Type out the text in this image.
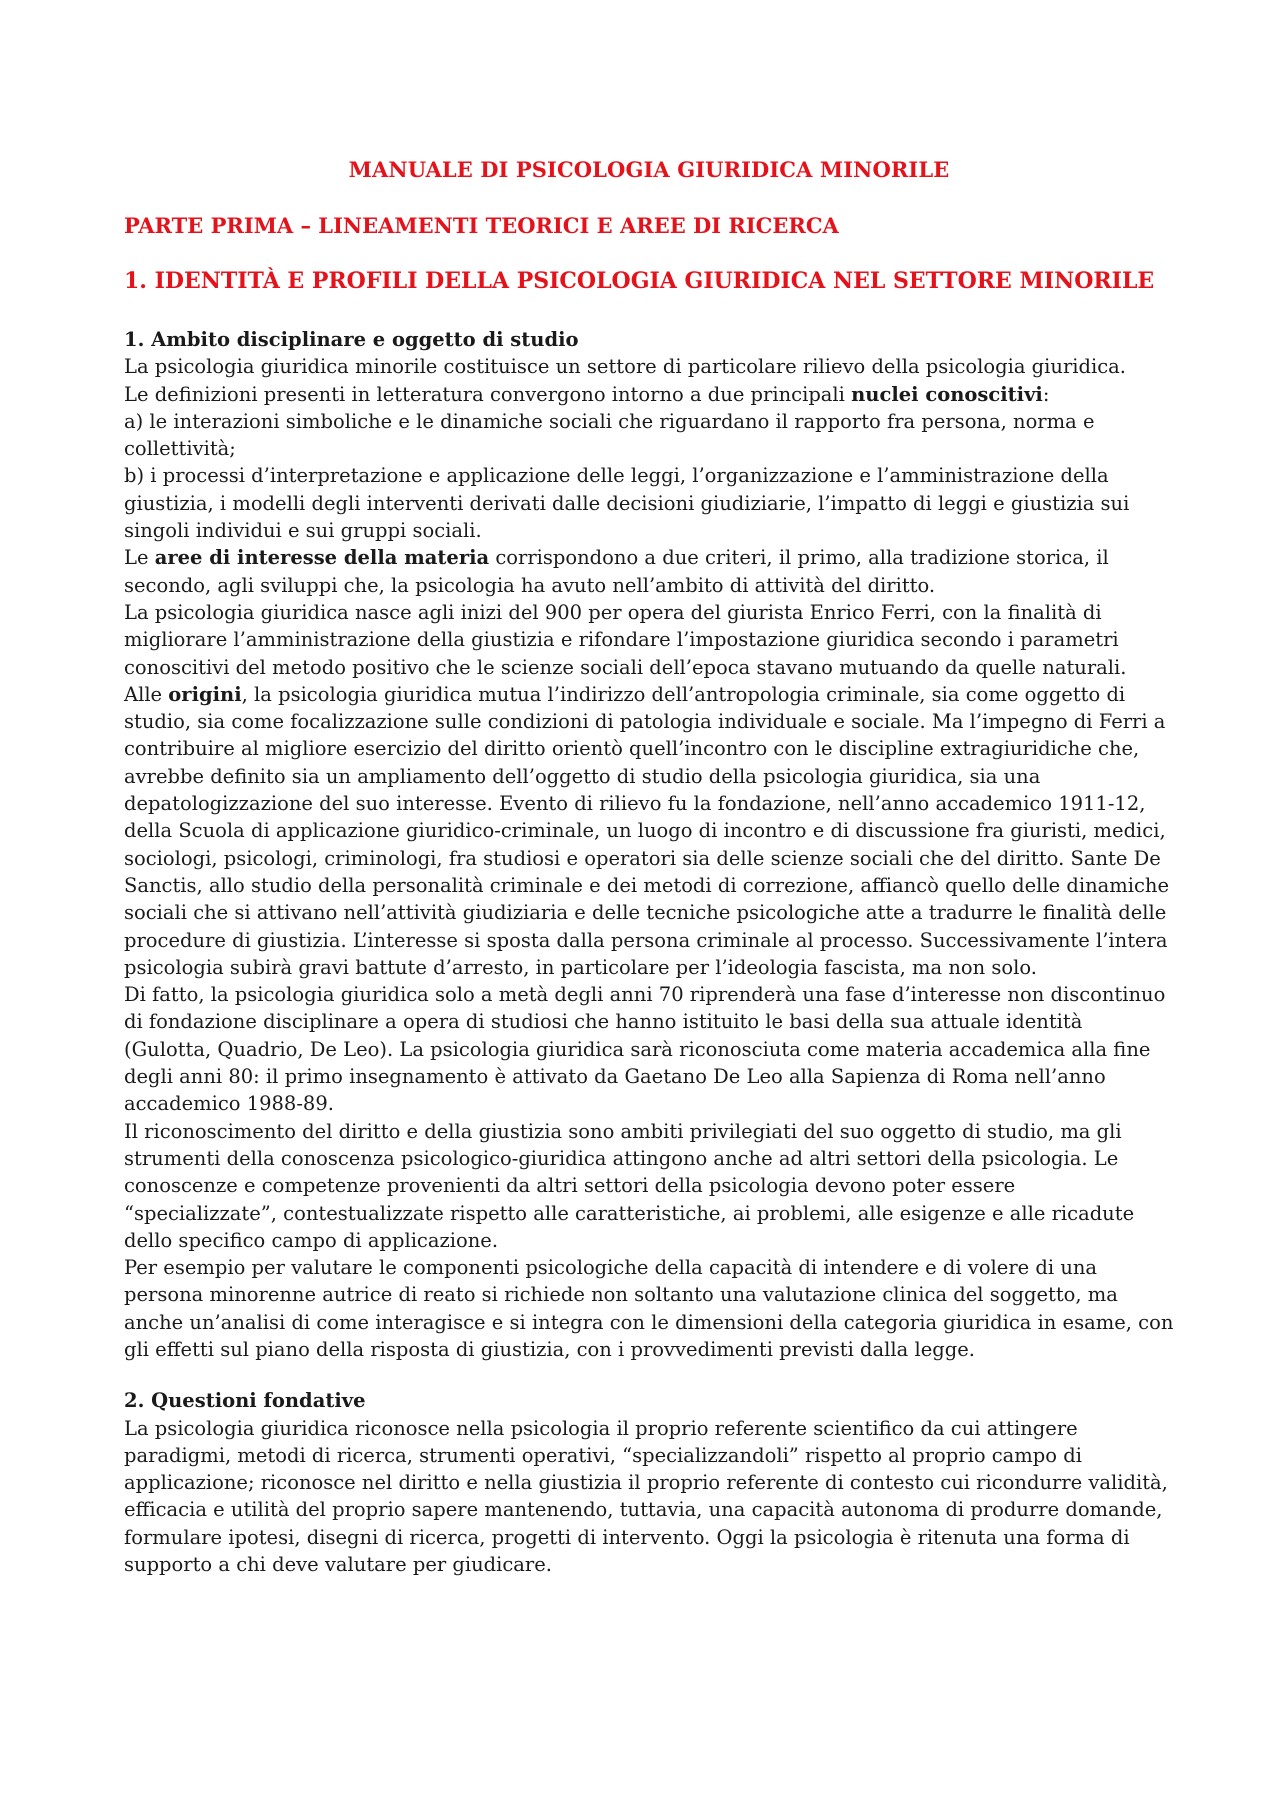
MANUALE DI PSICOLOGIA GIURIDICA MINORILE
PARTE PRIMA – LINEAMENTI TEORICI E AREE DI RICERCA
1. IDENTITÀ E PROFILI DELLA PSICOLOGIA GIURIDICA NEL SETTORE MINORILE
1. Ambito disciplinare e oggetto di studio

La psicologia giuridica minorile costituisce un settore di particolare rilievo della psicologia giuridica.

Le definizioni presenti in letteratura convergono intorno a due principali nuclei conoscitivi:

a) le interazioni simboliche e le dinamiche sociali che riguardano il rapporto fra persona, norma e collettività;

b) i processi d’interpretazione e applicazione delle leggi, l’organizzazione e l’amministrazione della giustizia, i modelli degli interventi derivati dalle decisioni giudiziarie, l’impatto di leggi e giustizia sui singoli individui e sui gruppi sociali.

Le aree di interesse della materia corrispondono a due criteri, il primo, alla tradizione storica, il secondo, agli sviluppi che, la psicologia ha avuto nell’ambito di attività del diritto.

La psicologia giuridica nasce agli inizi del 900 per opera del giurista Enrico Ferri, con la finalità di migliorare l’amministrazione della giustizia e rifondare l’impostazione giuridica secondo i parametri conoscitivi del metodo positivo che le scienze sociali dell’epoca stavano mutuando da quelle naturali.

Alle origini, la psicologia giuridica mutua l’indirizzo dell’antropologia criminale, sia come oggetto di studio, sia come focalizzazione sulle condizioni di patologia individuale e sociale. Ma l’impegno di Ferri a contribuire al migliore esercizio del diritto orientò quell’incontro con le discipline extragiuridiche che, avrebbe definito sia un ampliamento dell’oggetto di studio della psicologia giuridica, sia una depatologizzazione del suo interesse. Evento di rilievo fu la fondazione, nell’anno accademico 1911-12, della Scuola di applicazione giuridico-criminale, un luogo di incontro e di discussione fra giuristi, medici, sociologi, psicologi, criminologi, fra studiosi e operatori sia delle scienze sociali che del diritto. Sante De Sanctis, allo studio della personalità criminale e dei metodi di correzione, affiancò quello delle dinamiche sociali che si attivano nell’attività giudiziaria e delle tecniche psicologiche atte a tradurre le finalità delle procedure di giustizia. L’interesse si sposta dalla persona criminale al processo. Successivamente l’intera psicologia subirà gravi battute d’arresto, in particolare per l’ideologia fascista, ma non solo.

Di fatto, la psicologia giuridica solo a metà degli anni 70 riprenderà una fase d’interesse non discontinuo di fondazione disciplinare a opera di studiosi che hanno istituito le basi della sua attuale identità (Gulotta, Quadrio, De Leo). La psicologia giuridica sarà riconosciuta come materia accademica alla fine degli anni 80: il primo insegnamento è attivato da Gaetano De Leo alla Sapienza di Roma nell’anno accademico 1988-89.

Il riconoscimento del diritto e della giustizia sono ambiti privilegiati del suo oggetto di studio, ma gli strumenti della conoscenza psicologico-giuridica attingono anche ad altri settori della psicologia. Le conoscenze e competenze provenienti da altri settori della psicologia devono poter essere “specializzate”, contestualizzate rispetto alle caratteristiche, ai problemi, alle esigenze e alle ricadute dello specifico campo di applicazione.

Per esempio per valutare le componenti psicologiche della capacità di intendere e di volere di una persona minorenne autrice di reato si richiede non soltanto una valutazione clinica del soggetto, ma anche un’analisi di come interagisce e si integra con le dimensioni della categoria giuridica in esame, con gli effetti sul piano della risposta di giustizia, con i provvedimenti previsti dalla legge.

2. Questioni fondative

La psicologia giuridica riconosce nella psicologia il proprio referente scientifico da cui attingere paradigmi, metodi di ricerca, strumenti operativi, “specializzandoli” rispetto al proprio campo di applicazione; riconosce nel diritto e nella giustizia il proprio referente di contesto cui ricondurre validità, efficacia e utilità del proprio sapere mantenendo, tuttavia, una capacità autonoma di produrre domande, formulare ipotesi, disegni di ricerca, progetti di intervento. Oggi la psicologia è ritenuta una forma di supporto a chi deve valutare per giudicare.
